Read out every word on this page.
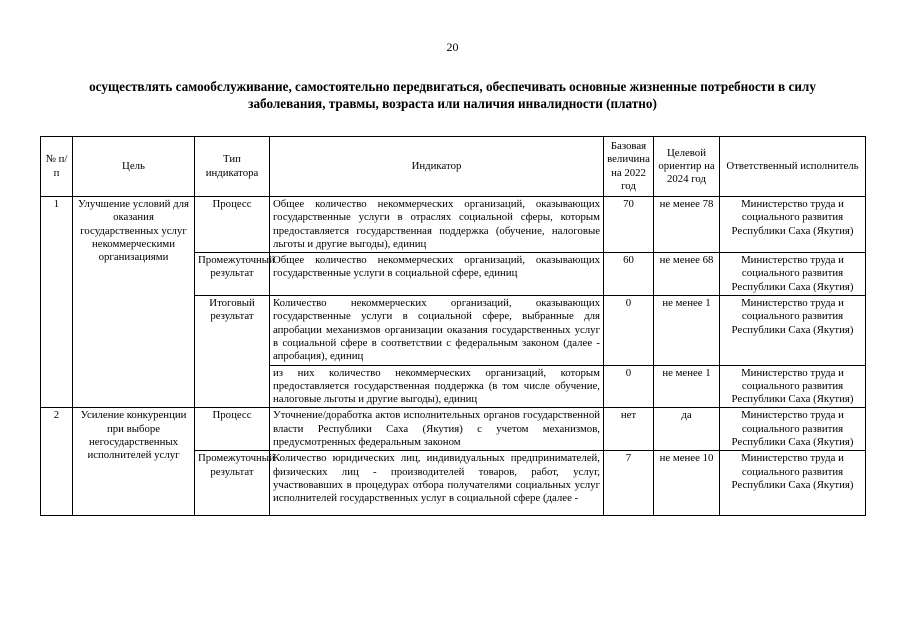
20
осуществлять самообслуживание, самостоятельно передвигаться, обеспечивать основные жизненные потребности в силу
заболевания, травмы, возраста или наличия инвалидности (платно)
№ п/п	Цель	Тип индикатора	Индикатор	Базовая величина на 2022 год	Целевой ориентир на 2024 год	Ответственный исполнитель
1	Улучшение условий для оказания государственных услуг некоммерческими организациями	Процесс	Общее количество некоммерческих организаций, оказывающих государственные услуги в отраслях социальной сферы, которым предоставляется государственная поддержка (обучение, налоговые льготы и другие выгоды), единиц	70	не менее 78	Министерство труда и социального развития Республики Саха (Якутия)
		Промежуточный результат	Общее количество некоммерческих организаций, оказывающих государственные услуги в социальной сфере, единиц	60	не менее 68	Министерство труда и социального развития Республики Саха (Якутия)
		Итоговый результат	Количество некоммерческих организаций, оказывающих государственные услуги в социальной сфере, выбранные для апробации механизмов организации оказания государственных услуг в социальной сфере в соответствии с федеральным законом (далее - апробация), единиц	0	не менее 1	Министерство труда и социального развития Республики Саха (Якутия)
			из них количество некоммерческих организаций, которым предоставляется государственная поддержка (в том числе обучение, налоговые льготы и другие выгоды), единиц	0	не менее 1	Министерство труда и социального развития Республики Саха (Якутия)
2	Усиление конкуренции при выборе негосударственных исполнителей услуг	Процесс	Уточнение/доработка актов исполнительных органов государственной власти Республики Саха (Якутия) с учетом механизмов, предусмотренных федеральным законом	нет	да	Министерство труда и социального развития Республики Саха (Якутия)
		Промежуточный результат	Количество юридических лиц, индивидуальных предпринимателей, физических лиц - производителей товаров, работ, услуг, участвовавших в процедурах отбора получателями социальных услуг исполнителей государственных услуг в социальной сфере (далее -	7	не менее 10	Министерство труда и социального развития Республики Саха (Якутия)
